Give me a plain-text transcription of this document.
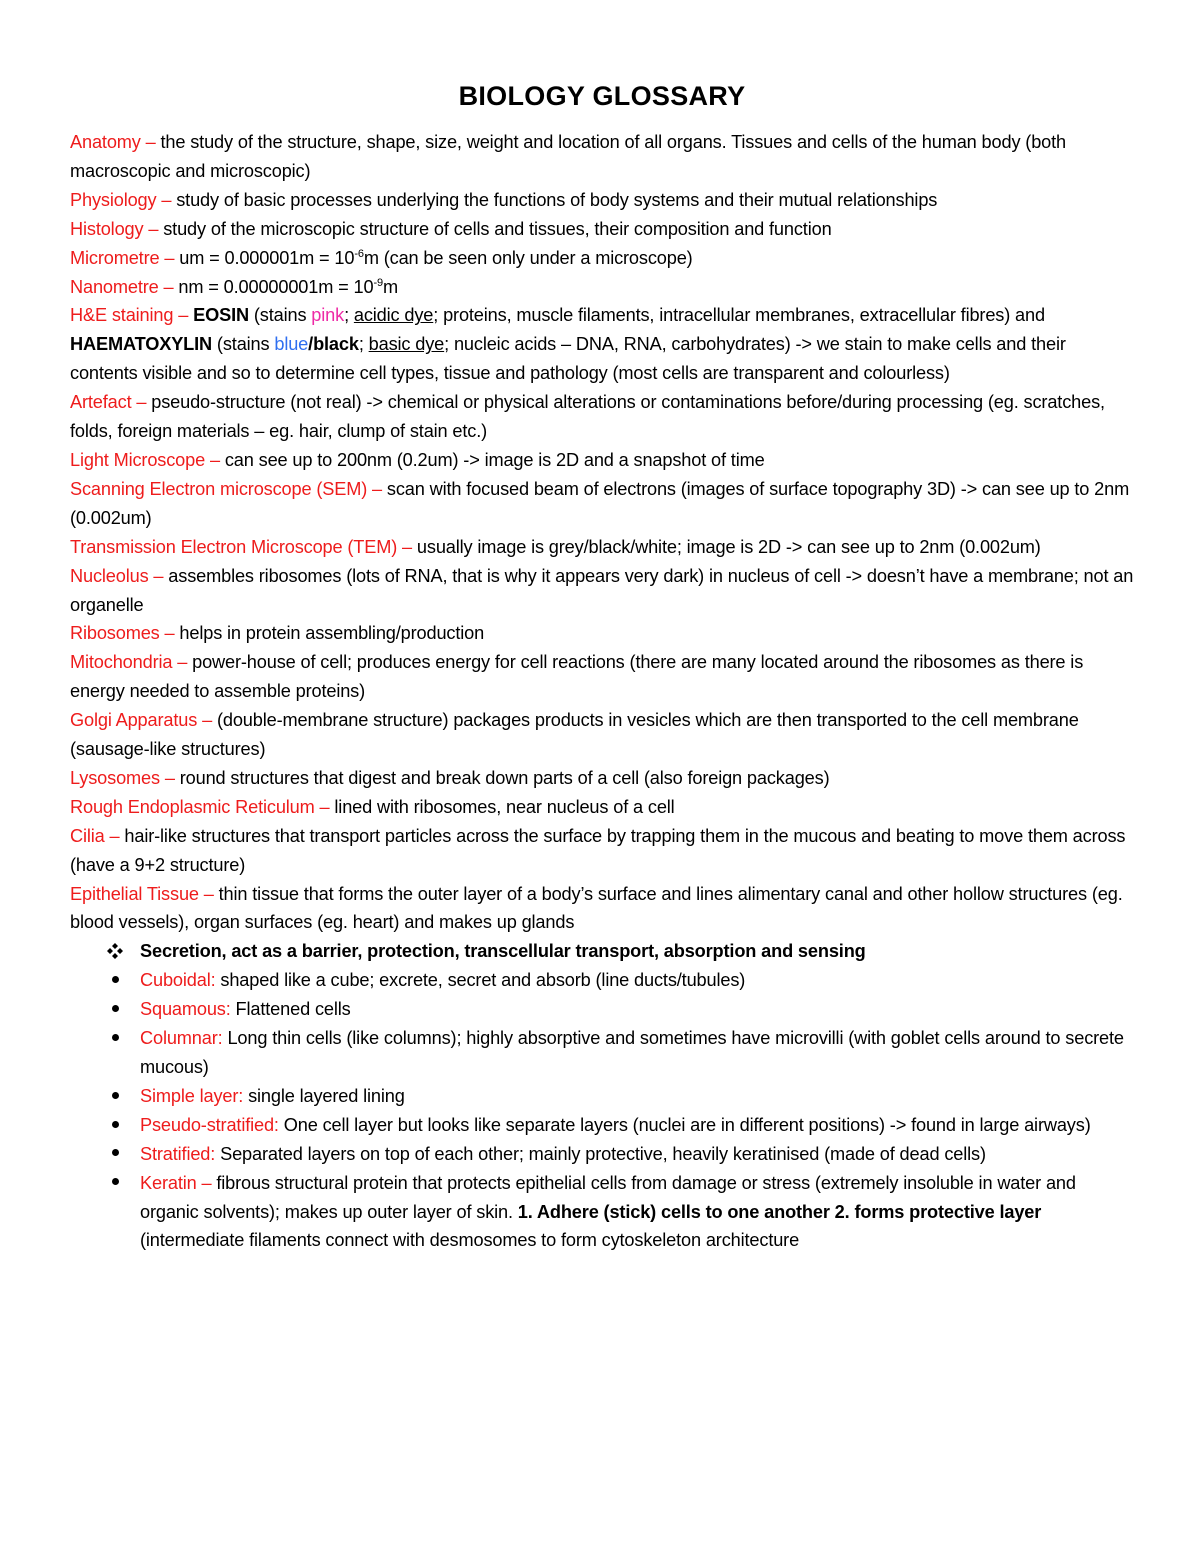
BIOLOGY GLOSSARY

Anatomy – the study of the structure, shape, size, weight and location of all organs. Tissues and cells of the human body (both macroscopic and microscopic)

Physiology – study of basic processes underlying the functions of body systems and their mutual relationships

Histology – study of the microscopic structure of cells and tissues, their composition and function

Micrometre – um = $0.000001m = 10^{-6}m$ (can be seen only under a microscope)

Nanometre – nm = $0.00000001m = 10^{-9}m$

H&E staining – EOSIN (stains pink; acidic dye; proteins, muscle filaments, intracellular membranes, extracellular fibres) and HAEMATOXYLIN (stains blue/black; basic dye; nucleic acids – DNA, RNA, carbohydrates) -> we stain to make cells and their contents visible and so to determine cell types, tissue and pathology (most cells are transparent and colourless)

Artefact – pseudo-structure (not real) -> chemical or physical alterations or contaminations before/during processing (eg. scratches, folds, foreign materials – eg. hair, clump of stain etc.)

Light Microscope – can see up to 200nm (0.2um) -> image is 2D and a snapshot of time

Scanning Electron microscope (SEM) – scan with focused beam of electrons (images of surface topography 3D) -> can see up to 2nm (0.002um)

Transmission Electron Microscope (TEM) – usually image is grey/black/white; image is 2D -> can see up to 2nm (0.002um)

Nucleolus – assembles ribosomes (lots of RNA, that is why it appears very dark) in nucleus of cell -> doesn’t have a membrane; not an organelle

Ribosomes – helps in protein assembling/production

Mitochondria – power-house of cell; produces energy for cell reactions (there are many located around the ribosomes as there is energy needed to assemble proteins)

Golgi Apparatus – (double-membrane structure) packages products in vesicles which are then transported to the cell membrane (sausage-like structures)

Lysosomes – round structures that digest and break down parts of a cell (also foreign packages)

Rough Endoplasmic Reticulum – lined with ribosomes, near nucleus of a cell

Cilia – hair-like structures that transport particles across the surface by trapping them in the mucous and beating to move them across (have a 9+2 structure)

Epithelial Tissue – thin tissue that forms the outer layer of a body’s surface and lines alimentary canal and other hollow structures (eg. blood vessels), organ surfaces (eg. heart) and makes up glands

Secretion, act as a barrier, protection, transcellular transport, absorption and sensing
Cuboidal: shaped like a cube; excrete, secret and absorb (line ducts/tubules)
Squamous: Flattened cells
Columnar: Long thin cells (like columns); highly absorptive and sometimes have microvilli (with goblet cells around to secrete mucous)
Simple layer: single layered lining
Pseudo-stratified: One cell layer but looks like separate layers (nuclei are in different positions) -> found in large airways)
Stratified: Separated layers on top of each other; mainly protective, heavily keratinised (made of dead cells)
Keratin – fibrous structural protein that protects epithelial cells from damage or stress (extremely insoluble in water and organic solvents); makes up outer layer of skin. 1. Adhere (stick) cells to one another 2. forms protective layer (intermediate filaments connect with desmosomes to form cytoskeleton architecture
